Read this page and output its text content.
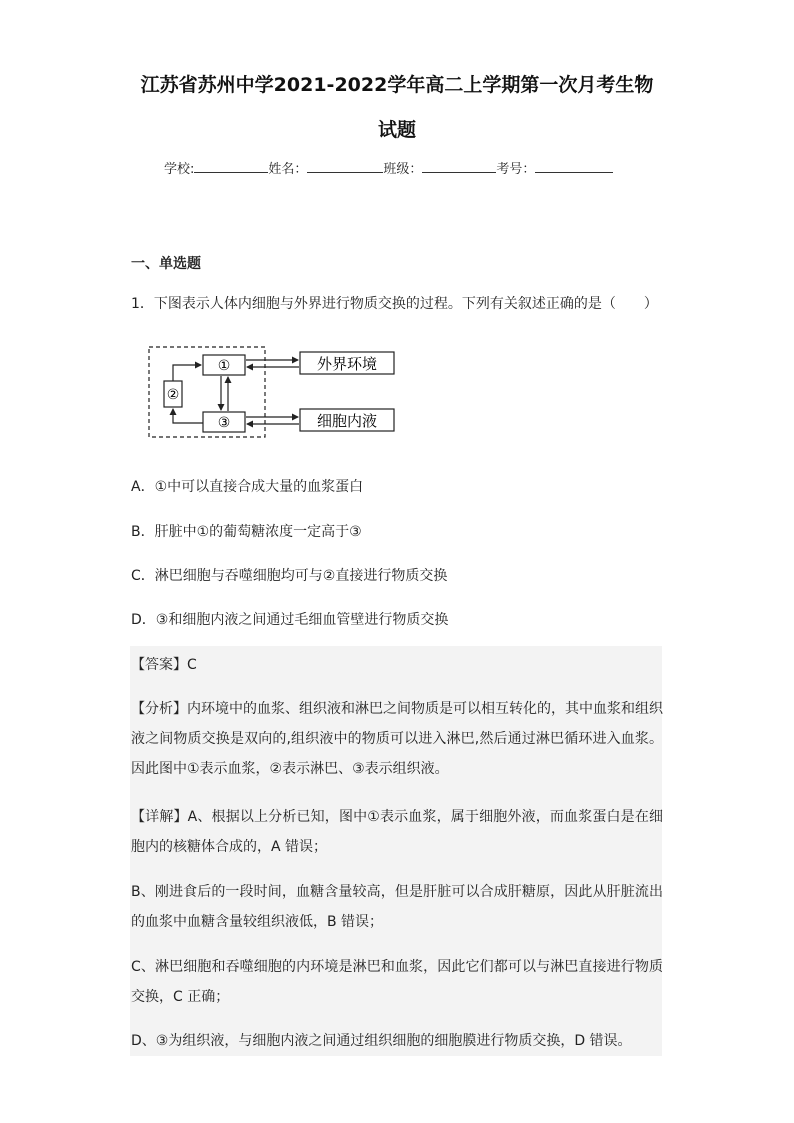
江苏省苏州中学2021-2022学年高二上学期第一次月考生物
试题
学校:	姓名：	班级：	考号：
一、单选题
1．下图表示人体内细胞与外界进行物质交换的过程。下列有关叙述正确的是（　　）
①
②
③
外界环境
细胞内液
A．①中可以直接合成大量的血浆蛋白
B．肝脏中①的葡萄糖浓度一定高于③
C．淋巴细胞与吞噬细胞均可与②直接进行物质交换
D．③和细胞内液之间通过毛细血管壁进行物质交换
【答案】C
【分析】内环境中的血浆、组织液和淋巴之间物质是可以相互转化的，其中血浆和组织液之间物质交换是双向的,组织液中的物质可以进入淋巴,然后通过淋巴循环进入血浆。因此图中①表示血浆，②表示淋巴、③表示组织液。
【详解】A、根据以上分析已知，图中①表示血浆，属于细胞外液，而血浆蛋白是在细胞内的核糖体合成的，A 错误；
B、刚进食后的一段时间，血糖含量较高，但是肝脏可以合成肝糖原，因此从肝脏流出的血浆中血糖含量较组织液低，B 错误；
C、淋巴细胞和吞噬细胞的内环境是淋巴和血浆，因此它们都可以与淋巴直接进行物质交换，C 正确；
D、③为组织液，与细胞内液之间通过组织细胞的细胞膜进行物质交换，D 错误。
